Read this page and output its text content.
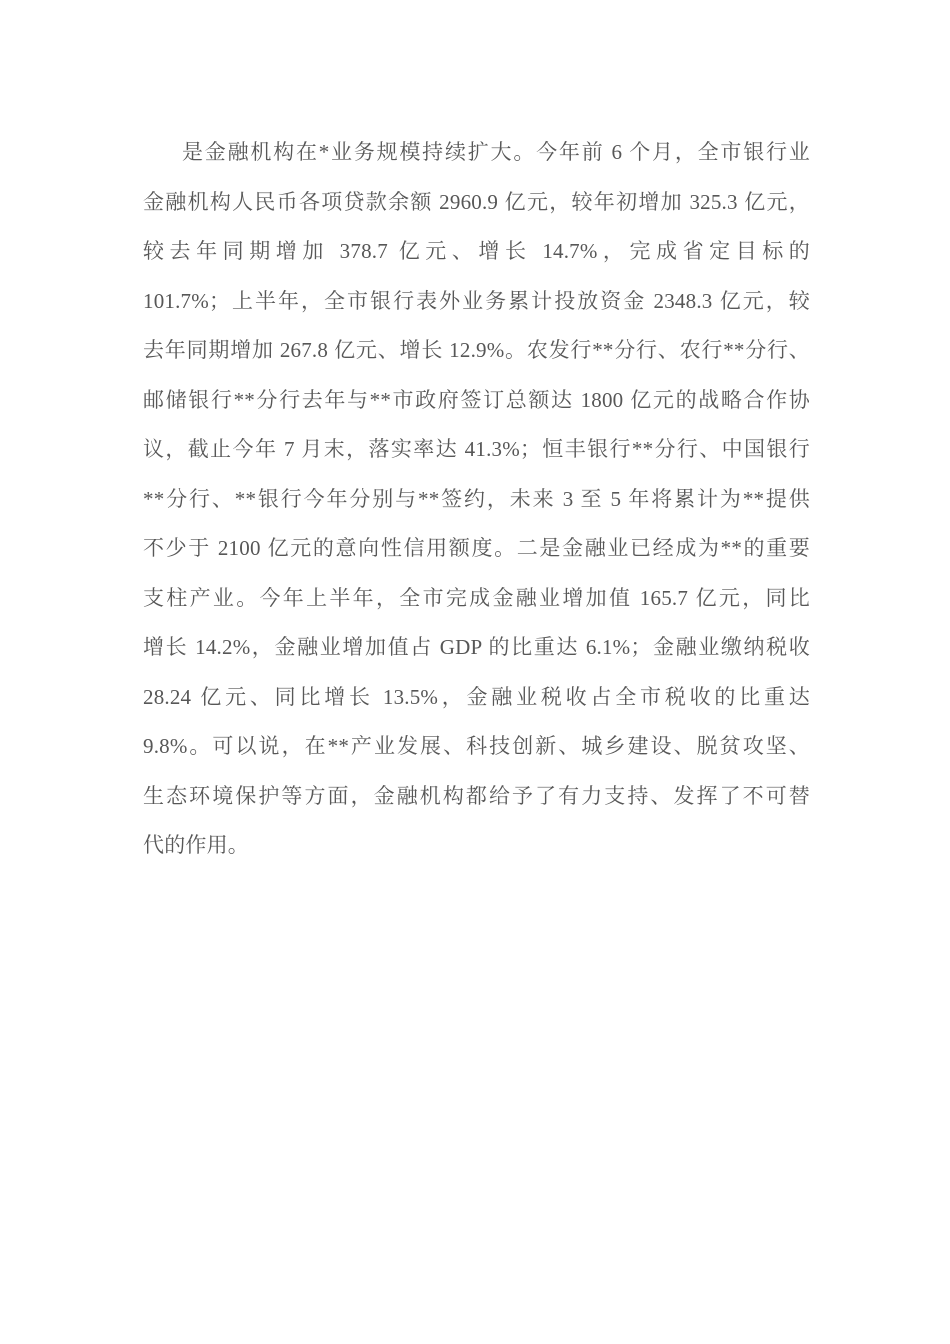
是金融机构在*业务规模持续扩大。今年前 6 个月，全市银行业
金融机构人民币各项贷款余额 2960.9 亿元，较年初增加 325.3 亿元，
较去年同期增加 378.7 亿元、增长 14.7%，完成省定目标的
101.7%；上半年，全市银行表外业务累计投放资金 2348.3 亿元，较
去年同期增加 267.8 亿元、增长 12.9%。农发行**分行、农行**分行、
邮储银行**分行去年与**市政府签订总额达 1800 亿元的战略合作协
议，截止今年 7 月末，落实率达 41.3%；恒丰银行**分行、中国银行
**分行、**银行今年分别与**签约，未来 3 至 5 年将累计为**提供
不少于 2100 亿元的意向性信用额度。二是金融业已经成为**的重要
支柱产业。今年上半年，全市完成金融业增加值 165.7 亿元，同比
增长 14.2%，金融业增加值占 GDP 的比重达 6.1%；金融业缴纳税收
28.24 亿元、同比增长 13.5%，金融业税收占全市税收的比重达
9.8%。可以说，在**产业发展、科技创新、城乡建设、脱贫攻坚、
生态环境保护等方面，金融机构都给予了有力支持、发挥了不可替
代的作用。
